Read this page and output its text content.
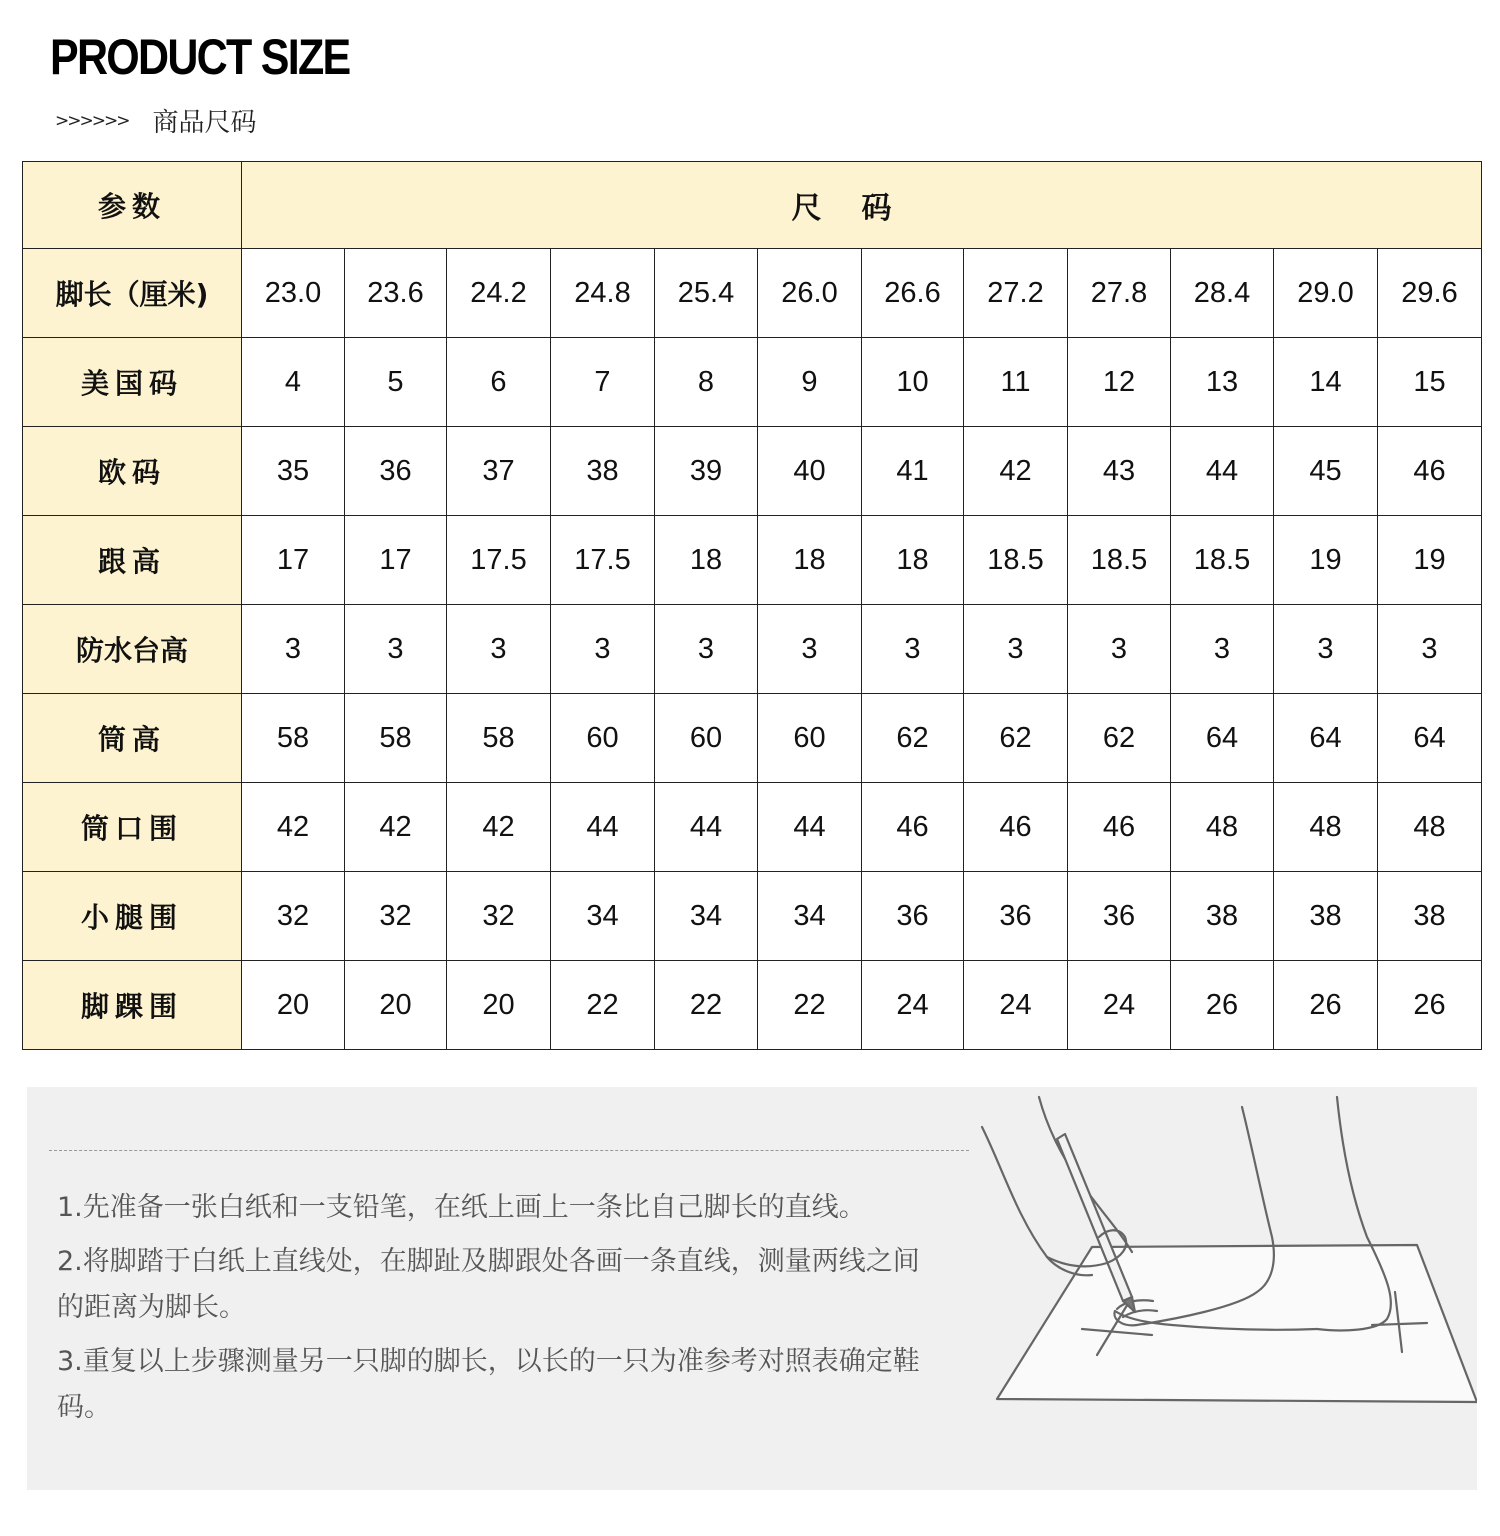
PRODUCT SIZE
>>>>>> 商品尺码
参数	尺码											
脚长（厘米)	23.0	23.6	24.2	24.8	25.4	26.0	26.6	27.2	27.8	28.4	29.0	29.6
美国码	4	5	6	7	8	9	10	11	12	13	14	15
欧码	35	36	37	38	39	40	41	42	43	44	45	46
跟高	17	17	17.5	17.5	18	18	18	18.5	18.5	18.5	19	19
防水台高	3	3	3	3	3	3	3	3	3	3	3	3
筒高	58	58	58	60	60	60	62	62	62	64	64	64
筒口围	42	42	42	44	44	44	46	46	46	48	48	48
小腿围	32	32	32	34	34	34	36	36	36	38	38	38
脚踝围	20	20	20	22	22	22	24	24	24	26	26	26

1.先准备一张白纸和一支铅笔，在纸上画上一条比自己脚长的直线。

2.将脚踏于白纸上直线处，在脚趾及脚跟处各画一条直线，测量两线之间的距离为脚长。

3.重复以上步骤测量另一只脚的脚长，以长的一只为准参考对照表确定鞋码。
